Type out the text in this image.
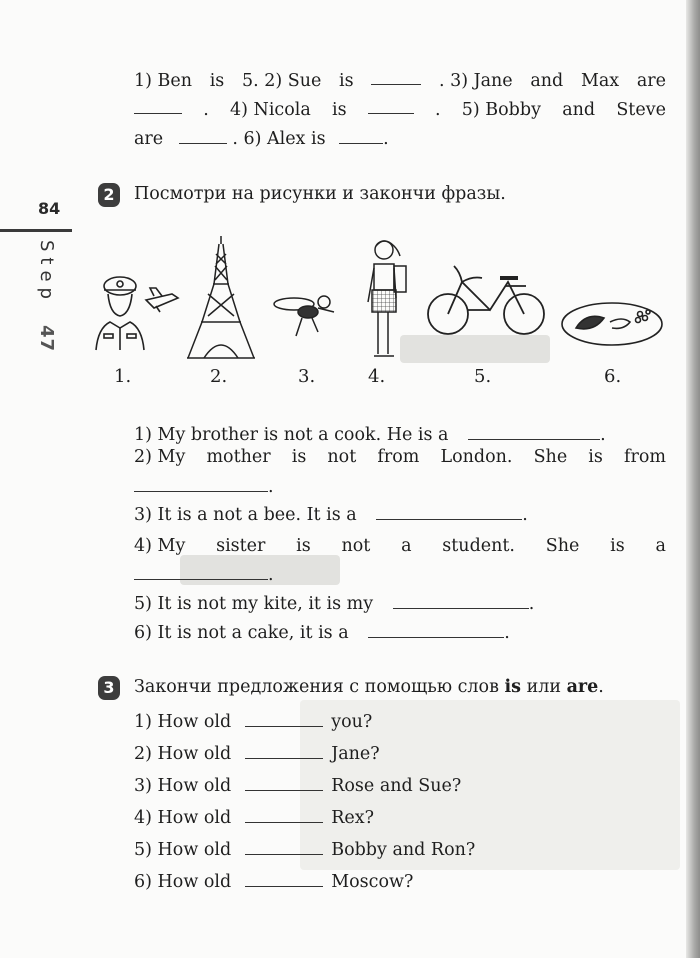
84
Step 47
1) Ben is 5. 2) Sue is	. 3) Jane and Max are
. 4) Nicola is	. 5) Bobby and Steve
are	. 6) Alex is	.
2	Посмотри на рисунки и закончи фразы.
1.	2.	3.	4.	5.	6.
1) My brother is not a cook. He is a	.
2) My mother is not from London. She is from
.
3) It is a not a bee. It is a	.
4) My sister is not a student. She is a
.
5) It is not my kite, it is my	.
6) It is not a cake, it is a	.
3	Закончи предложения с помощью слов is или are.
1) How old	you?
2) How old	Jane?
3) How old	Rose and Sue?
4) How old	Rex?
5) How old	Bobby and Ron?
6) How old	Moscow?
